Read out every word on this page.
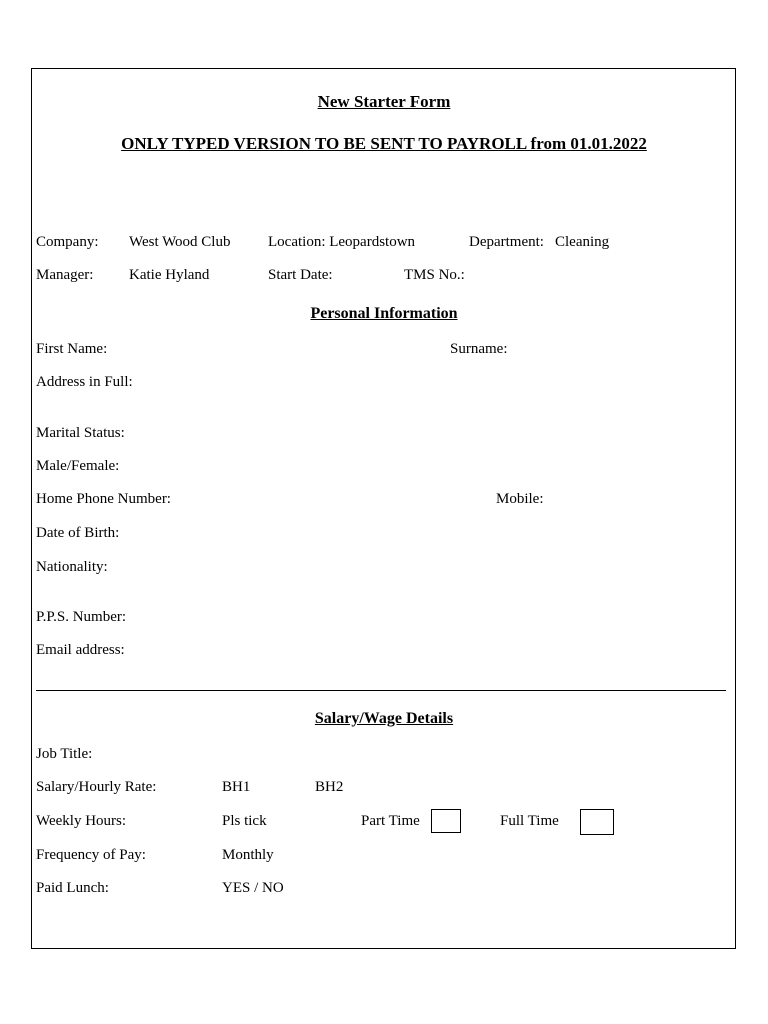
New Starter Form
ONLY TYPED VERSION TO BE SENT TO PAYROLL from 01.01.2022
Company: West Wood Club	Location: Leopardstown	Department: Cleaning
Manager: Katie Hyland	Start Date:	TMS No.:
Personal Information
First Name:	Surname:
Address in Full:
Marital Status:
Male/Female:
Home Phone Number:	Mobile:
Date of Birth:
Nationality:
P.P.S. Number:
Email address:
Salary/Wage Details
Job Title:
Salary/Hourly Rate:	BH1	BH2
Weekly Hours:	Pls tick	Part Time	Full Time
Frequency of Pay:	Monthly
Paid Lunch:	YES / NO
